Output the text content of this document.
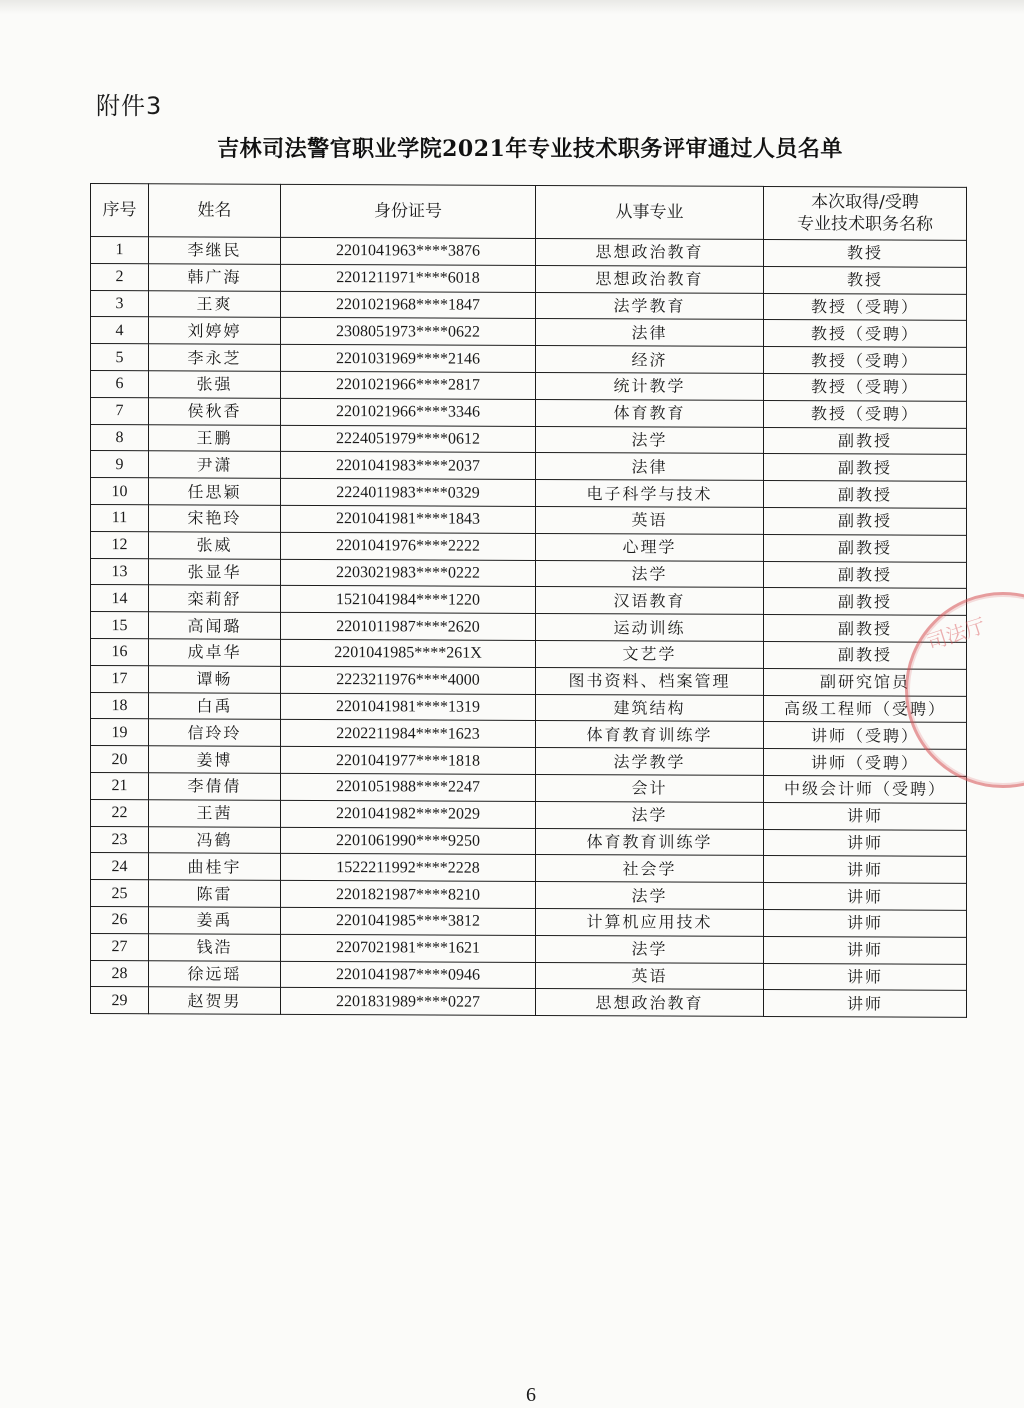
附件3
吉林司法警官职业学院2021年专业技术职务评审通过人员名单
序号	姓名	身份证号	从事专业	本次取得/受聘
专业技术职务名称

1	李继民	2201041963****3876	思想政治教育	教授
2	韩广海	2201211971****6018	思想政治教育	教授
3	王爽	2201021968****1847	法学教育	教授（受聘）
4	刘婷婷	2308051973****0622	法律	教授（受聘）
5	李永芝	2201031969****2146	经济	教授（受聘）
6	张强	2201021966****2817	统计教学	教授（受聘）
7	侯秋香	2201021966****3346	体育教育	教授（受聘）
8	王鹏	2224051979****0612	法学	副教授
9	尹潇	2201041983****2037	法律	副教授
10	任思颖	2224011983****0329	电子科学与技术	副教授
11	宋艳玲	2201041981****1843	英语	副教授
12	张威	2201041976****2222	心理学	副教授
13	张显华	2203021983****0222	法学	副教授
14	栾莉舒	1521041984****1220	汉语教育	副教授
15	高闻璐	2201011987****2620	运动训练	副教授
16	成卓华	2201041985****261X	文艺学	副教授
17	谭畅	2223211976****4000	图书资料、档案管理	副研究馆员
18	白禹	2201041981****1319	建筑结构	高级工程师（受聘）
19	信玲玲	2202211984****1623	体育教育训练学	讲师（受聘）
20	姜博	2201041977****1818	法学教学	讲师（受聘）
21	李倩倩	2201051988****2247	会计	中级会计师（受聘）
22	王茜	2201041982****2029	法学	讲师
23	冯鹤	2201061990****9250	体育教育训练学	讲师
24	曲桂宇	1522211992****2228	社会学	讲师
25	陈雷	2201821987****8210	法学	讲师
26	姜禹	2201041985****3812	计算机应用技术	讲师
27	钱浩	2207021981****1621	法学	讲师
28	徐远瑶	2201041987****0946	英语	讲师
29	赵贺男	2201831989****0227	思想政治教育	讲师
司法厅
6
